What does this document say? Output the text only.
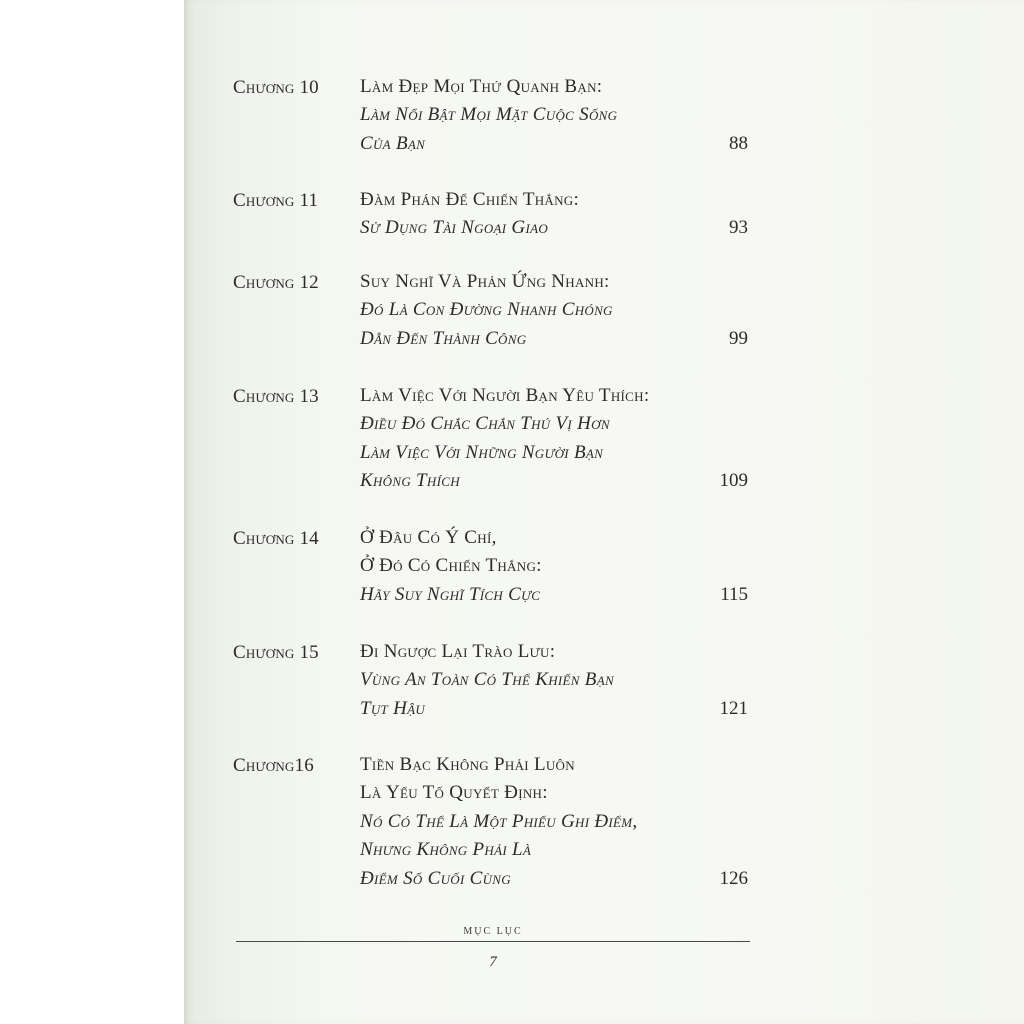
Chương 10 Làm Đẹp Mọi Thứ Quanh Bạn:
Làm Nổi Bật Mọi Mặt Cuộc Sống
Của Bạn	88
Chương 11 Đàm Phán Để Chiến Thắng:
Sử Dụng Tài Ngoại Giao	93
Chương 12 Suy Nghĩ Và Phản Ứng Nhanh:
Đó Là Con Đường Nhanh Chóng
Dẫn Đến Thành Công	99
Chương 13 Làm Việc Với Người Bạn Yêu Thích:
Điều Đó Chắc Chắn Thú Vị Hơn
Làm Việc Với Những Người Bạn
Không Thích	109
Chương 14 Ở Đâu Có Ý Chí,
Ở Đó Có Chiến Thắng:
Hãy Suy Nghĩ Tích Cực	115
Chương 15 Đi Ngược Lại Trào Lưu:
Vùng An Toàn Có Thể Khiến Bạn
Tụt Hậu	121
Chương16 Tiền Bạc Không Phải Luôn
Là Yếu Tố Quyết Định:
Nó Có Thể Là Một Phiếu Ghi Điểm,
Nhưng Không Phải Là
Điểm Số Cuối Cùng	126
MỤC LỤC
7
